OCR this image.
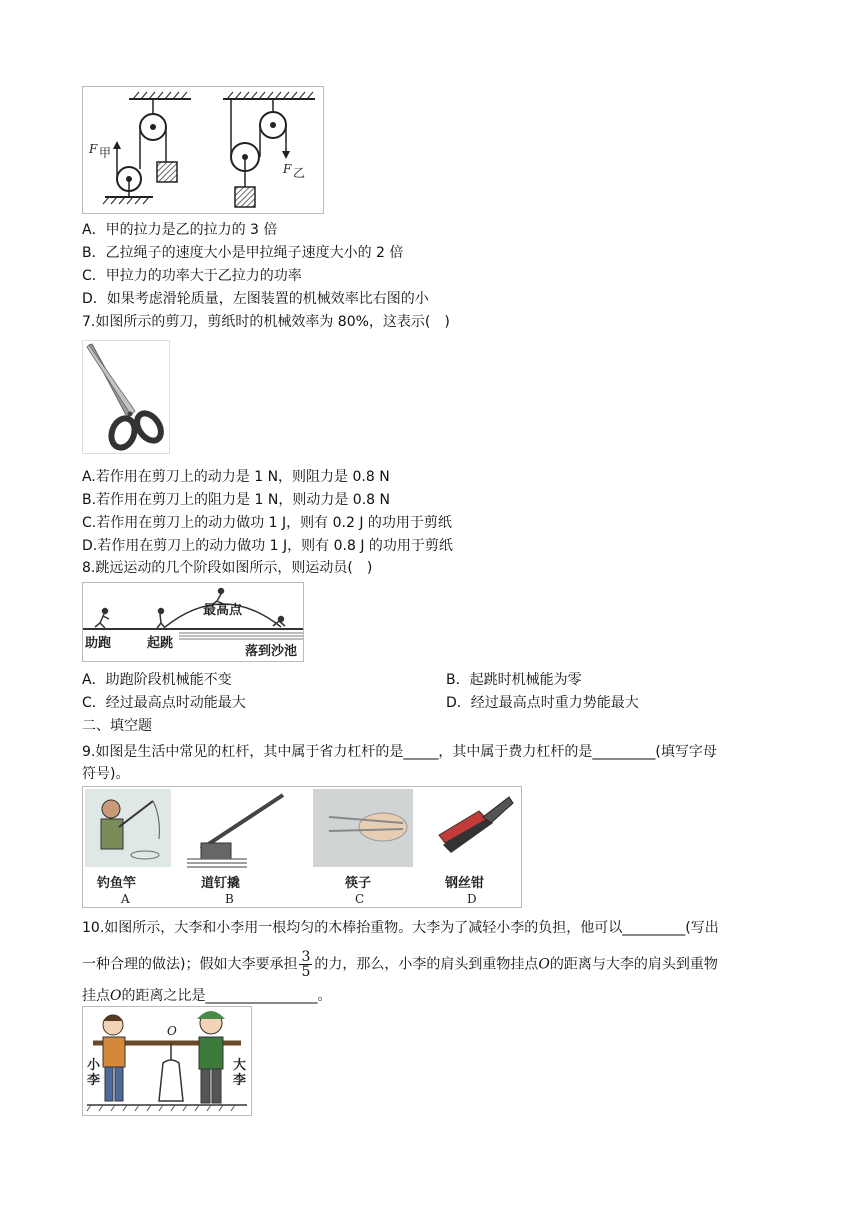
F 甲
F 乙
A．甲的拉力是乙的拉力的 3 倍
B．乙拉绳子的速度大小是甲拉绳子速度大小的 2 倍
C．甲拉力的功率大于乙拉力的功率
D．如果考虑滑轮质量，左图装置的机械效率比右图的小
7.如图所示的剪刀，剪纸时的机械效率为 80%，这表示(　)
A.若作用在剪刀上的动力是 1 N，则阻力是 0.8 N
B.若作用在剪刀上的阻力是 1 N，则动力是 0.8 N
C.若作用在剪刀上的动力做功 1 J，则有 0.2 J 的功用于剪纸
D.若作用在剪刀上的动力做功 1 J，则有 0.8 J 的功用于剪纸
8.跳远运动的几个阶段如图所示，则运动员(　)
助跑	起跳
最高点
落到沙池
A．助跑阶段机械能不变	B．起跳时机械能为零
C．经过最高点时动能最大	D．经过最高点时重力势能最大
二、填空题
9.如图是生活中常见的杠杆，其中属于省力杠杆的是_____，其中属于费力杠杆的是_________(填写字母
符号)。
钓鱼竿
A
道钉撬
B
筷子
C
钢丝钳
D
10.如图所示，大李和小李用一根均匀的木棒抬重物。大李为了减轻小李的负担，他可以_________(写出
一种合理的做法)；假如大李要承担 $\frac{3}{5}$ 的力，那么，小李的肩头到重物挂点O的距离与大李的肩头到重物
挂点O的距离之比是________________。
O
小李
大李
